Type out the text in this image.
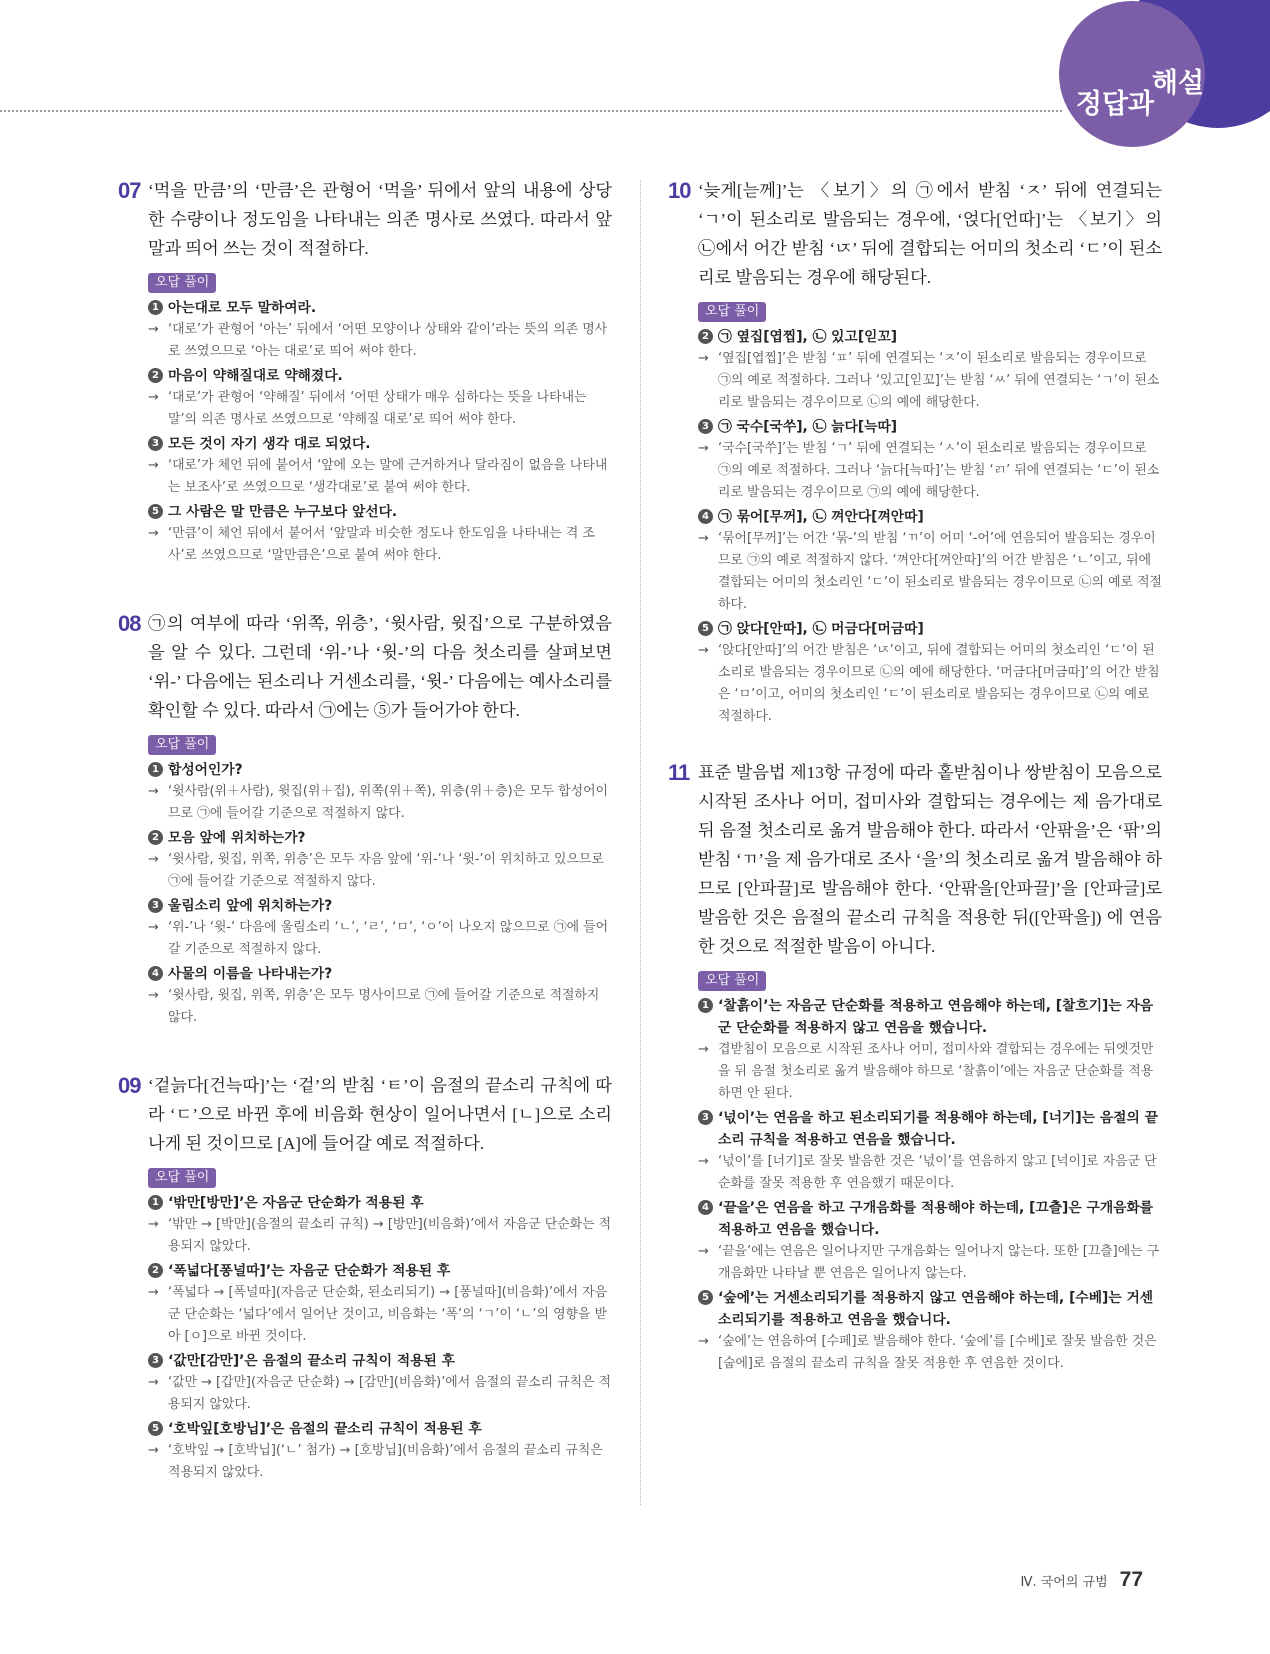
해설
정답과
07 ‘먹을 만큼’의 ‘만큼’은 관형어 ‘먹을’ 뒤에서 앞의 내용에 상당한 수량이나 정도임을 나타내는 의존 명사로 쓰였다. 따라서 앞말과 띄어 쓰는 것이 적절하다.
오답 풀이
1 아는대로 모두 말하여라.
→ ‘대로’가 관형어 ‘아는’ 뒤에서 ‘어떤 모양이나 상태와 같이’라는 뜻의 의존 명사로 쓰였으므로 ‘아는 대로’로 띄어 써야 한다.
2 마음이 약해질대로 약해졌다.
→ ‘대로’가 관형어 ‘약해질’ 뒤에서 ‘어떤 상태가 매우 심하다는 뜻을 나타내는 말’의 의존 명사로 쓰였으므로 ‘약해질 대로’로 띄어 써야 한다.
3 모든 것이 자기 생각 대로 되었다.
→ ‘대로’가 체언 뒤에 붙어서 ‘앞에 오는 말에 근거하거나 달라짐이 없음을 나타내는 보조사’로 쓰였으므로 ‘생각대로’로 붙여 써야 한다.
5 그 사람은 말 만큼은 누구보다 앞선다.
→ ‘만큼’이 체언 뒤에서 붙어서 ‘앞말과 비슷한 정도나 한도임을 나타내는 격 조사’로 쓰였으므로 ‘말만큼은’으로 붙여 써야 한다.
08 ㉠의 여부에 따라 ‘위쪽, 위층’, ‘윗사람, 윗집’으로 구분하였음을 알 수 있다. 그런데 ‘위-’나 ‘윗-’의 다음 첫소리를 살펴보면 ‘위-’ 다음에는 된소리나 거센소리를, ‘윗-’ 다음에는 예사소리를 확인할 수 있다. 따라서 ㉠에는 ⑤가 들어가야 한다.
오답 풀이
1 합성어인가?
→ ‘윗사람(위＋사람), 윗집(위＋집), 위쪽(위＋쪽), 위층(위＋층)은 모두 합성어이므로 ㉠에 들어갈 기준으로 적절하지 않다.
2 모음 앞에 위치하는가?
→ ‘윗사람, 윗집, 위쪽, 위층’은 모두 자음 앞에 ‘위-’나 ‘윗-’이 위치하고 있으므로 ㉠에 들어갈 기준으로 적절하지 않다.
3 울림소리 앞에 위치하는가?
→ ‘위-’나 ‘윗-’ 다음에 울림소리 ‘ㄴ’, ‘ㄹ’, ‘ㅁ’, ‘ㅇ’이 나오지 않으므로 ㉠에 들어갈 기준으로 적절하지 않다.
4 사물의 이름을 나타내는가?
→ ‘윗사람, 윗집, 위쪽, 위층’은 모두 명사이므로 ㉠에 들어갈 기준으로 적절하지 않다.
09 ‘겉늙다[건늑따]’는 ‘겉’의 받침 ‘ㅌ’이 음절의 끝소리 규칙에 따라 ‘ㄷ’으로 바뀐 후에 비음화 현상이 일어나면서 [ㄴ]으로 소리 나게 된 것이므로 [A]에 들어갈 예로 적절하다.
오답 풀이
1 ‘밖만[방만]’은 자음군 단순화가 적용된 후
→ ‘밖만 → [박만](음절의 끝소리 규칙) → [방만](비음화)’에서 자음군 단순화는 적용되지 않았다.
2 ‘폭넓다[퐁널따]’는 자음군 단순화가 적용된 후
→ ‘폭넓다 → [폭널따](자음군 단순화, 된소리되기) → [퐁널따](비음화)’에서 자음군 단순화는 ‘넓다’에서 일어난 것이고, 비음화는 ‘폭’의 ‘ㄱ’이 ‘ㄴ’의 영향을 받아 [ㅇ]으로 바뀐 것이다.
3 ‘값만[감만]’은 음절의 끝소리 규칙이 적용된 후
→ ‘값만 → [갑만](자음군 단순화) → [감만](비음화)’에서 음절의 끝소리 규칙은 적용되지 않았다.
5 ‘호박잎[호방닙]’은 음절의 끝소리 규칙이 적용된 후
→ ‘호박잎 → [호박닙](‘ㄴ’ 첨가) → [호방닙](비음화)’에서 음절의 끝소리 규칙은 적용되지 않았다.
10 ‘늦게[늗께]’는 〈보기〉의 ㉠에서 받침 ‘ㅈ’ 뒤에 연결되는 ‘ㄱ’이 된소리로 발음되는 경우에, ‘얹다[언따]’는 〈보기〉의 ㉡에서 어간 받침 ‘ㄵ’ 뒤에 결합되는 어미의 첫소리 ‘ㄷ’이 된소리로 발음되는 경우에 해당된다.
오답 풀이
2 ㉠ 옆집[엽찝], ㉡ 있고[읻꼬]
→ ‘옆집[엽찝]’은 받침 ‘ㅍ’ 뒤에 연결되는 ‘ㅈ’이 된소리로 발음되는 경우이므로 ㉠의 예로 적절하다. 그러나 ‘있고[읻꼬]’는 받침 ‘ㅆ’ 뒤에 연결되는 ‘ㄱ’이 된소리로 발음되는 경우이므로 ㉡의 예에 해당한다.
3 ㉠ 국수[국쑤], ㉡ 늙다[늑따]
→ ‘국수[국쑤]’는 받침 ‘ㄱ’ 뒤에 연결되는 ‘ㅅ’이 된소리로 발음되는 경우이므로 ㉠의 예로 적절하다. 그러나 ‘늙다[늑따]’는 받침 ‘ㄺ’ 뒤에 연결되는 ‘ㄷ’이 된소리로 발음되는 경우이므로 ㉠의 예에 해당한다.
4 ㉠ 묶어[무꺼], ㉡ 껴안다[껴안따]
→ ‘묶어[무꺼]’는 어간 ‘묶-’의 받침 ‘ㄲ’이 어미 ‘-어’에 연음되어 발음되는 경우이므로 ㉠의 예로 적절하지 않다. ‘껴안다[껴안따]’의 어간 받침은 ‘ㄴ’이고, 뒤에 결합되는 어미의 첫소리인 ‘ㄷ’이 된소리로 발음되는 경우이므로 ㉡의 예로 적절하다.
5 ㉠ 앉다[안따], ㉡ 머금다[머금따]
→ ‘앉다[안따]’의 어간 받침은 ‘ㄵ’이고, 뒤에 결합되는 어미의 첫소리인 ‘ㄷ’이 된소리로 발음되는 경우이므로 ㉡의 예에 해당한다. ‘머금다[머금따]’의 어간 받침은 ‘ㅁ’이고, 어미의 첫소리인 ‘ㄷ’이 된소리로 발음되는 경우이므로 ㉡의 예로 적절하다.
11 표준 발음법 제13항 규정에 따라 홑받침이나 쌍받침이 모음으로 시작된 조사나 어미, 접미사와 결합되는 경우에는 제 음가대로 뒤 음절 첫소리로 옮겨 발음해야 한다. 따라서 ‘안팎을’은 ‘팎’의 받침 ‘ㄲ’을 제 음가대로 조사 ‘을’의 첫소리로 옮겨 발음해야 하므로 [안파끌]로 발음해야 한다. ‘안팎을[안파끌]’을 [안파글]로 발음한 것은 음절의 끝소리 규칙을 적용한 뒤([안팍을]) 에 연음한 것으로 적절한 발음이 아니다.
오답 풀이
1 ‘찰흙이’는 자음군 단순화를 적용하고 연음해야 하는데, [찰흐기]는 자음군 단순화를 적용하지 않고 연음을 했습니다.
→ 겹받침이 모음으로 시작된 조사나 어미, 접미사와 결합되는 경우에는 뒤엣것만을 뒤 음절 첫소리로 옮겨 발음해야 하므로 ‘찰흙이’에는 자음군 단순화를 적용하면 안 된다.
3 ‘넋이’는 연음을 하고 된소리되기를 적용해야 하는데, [너기]는 음절의 끝소리 규칙을 적용하고 연음을 했습니다.
→ ‘넋이’를 [너기]로 잘못 발음한 것은 ‘넋이’를 연음하지 않고 [넉이]로 자음군 단순화를 잘못 적용한 후 연음했기 때문이다.
4 ‘끝을’은 연음을 하고 구개음화를 적용해야 하는데, [끄츨]은 구개음화를 적용하고 연음을 했습니다.
→ ‘끝을’에는 연음은 일어나지만 구개음화는 일어나지 않는다. 또한 [끄츨]에는 구개음화만 나타날 뿐 연음은 일어나지 않는다.
5 ‘숲에’는 거센소리되기를 적용하지 않고 연음해야 하는데, [수베]는 거센소리되기를 적용하고 연음을 했습니다.
→ ‘숲에’는 연음하여 [수페]로 발음해야 한다. ‘숲에’를 [수베]로 잘못 발음한 것은 [숩에]로 음절의 끝소리 규칙을 잘못 적용한 후 연음한 것이다.
Ⅳ. 국어의 규범 77
